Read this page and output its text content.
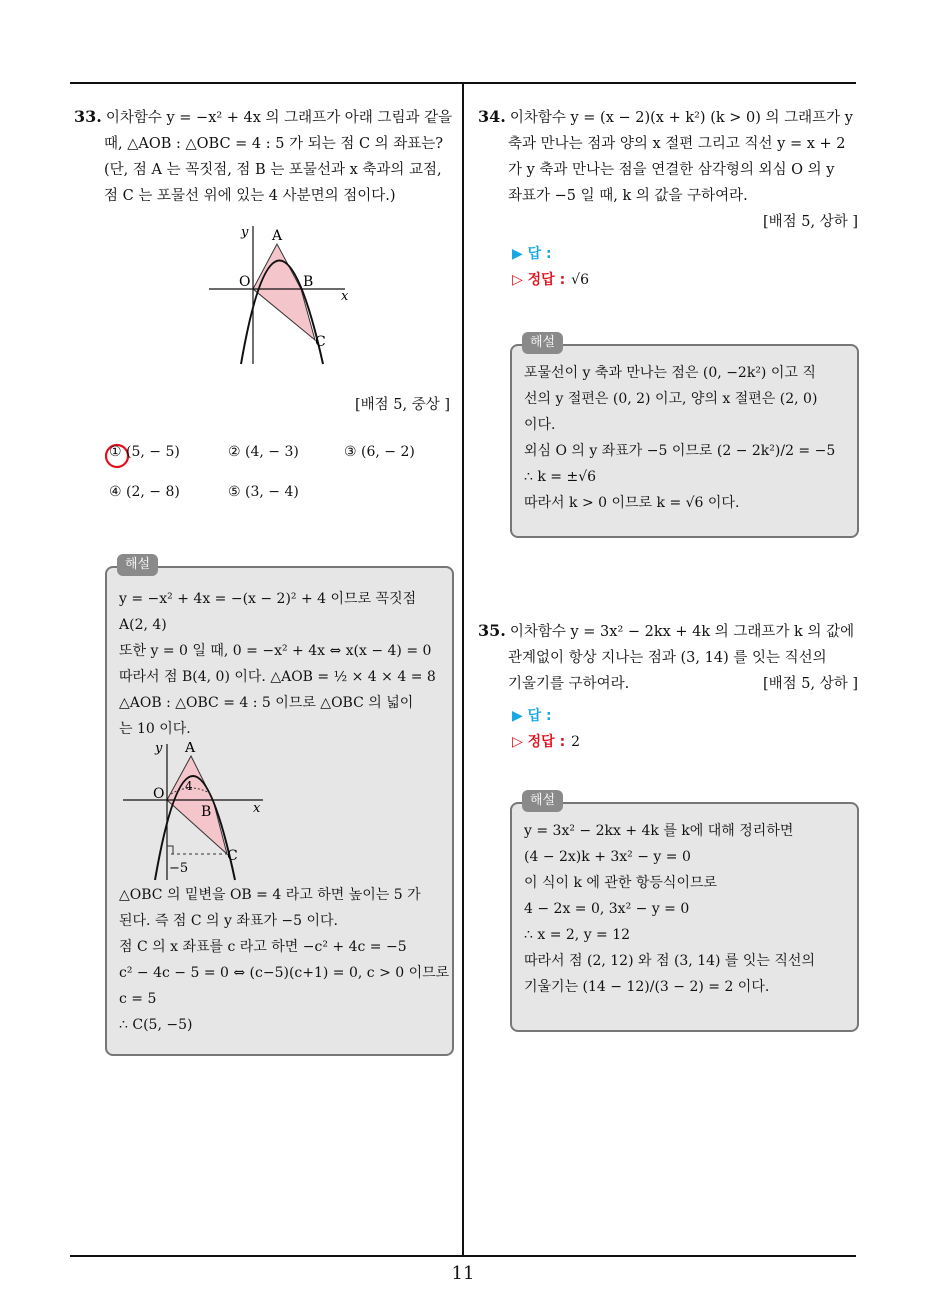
33. 이차함수 y = −x² + 4x 의 그래프가 아래 그림과 같을
때, △AOB : △OBC = 4 : 5 가 되는 점 C 의 좌표는?
(단, 점 A 는 꼭짓점, 점 B 는 포물선과 x 축과의 교점,
점 C 는 포물선 위에 있는 4 사분면의 점이다.)
y A
O	B
x
C
[배점 5, 중상 ]
① (5, − 5)	② (4, − 3)	③ (6, − 2)
④ (2, − 8)	⑤ (3, − 4)
해설
y = −x² + 4x = −(x − 2)² + 4 이므로 꼭짓점
A(2, 4)
또한 y = 0 일 때, 0 = −x² + 4x ⇔ x(x − 4) = 0
따라서 점 B(4, 0) 이다. △AOB = ½ × 4 × 4 = 8
△AOB : △OBC = 4 : 5 이므로 △OBC 의 넓이
는 10 이다.
y A
O 4
B	x
C
−5
△OBC 의 밑변을 OB = 4 라고 하면 높이는 5 가
된다. 즉 점 C 의 y 좌표가 −5 이다.
점 C 의 x 좌표를 c 라고 하면 −c² + 4c = −5
c² − 4c − 5 = 0 ⇔ (c−5)(c+1) = 0, c > 0 이므로
c = 5
∴ C(5, −5)
34. 이차함수 y = (x − 2)(x + k²) (k > 0) 의 그래프가 y
축과 만나는 점과 양의 x 절편 그리고 직선 y = x + 2
가 y 축과 만나는 점을 연결한 삼각형의 외심 O 의 y
좌표가 −5 일 때, k 의 값을 구하여라.
[배점 5, 상하 ]
▶ 답 :
▷ 정답 : √6
해설
포물선이 y 축과 만나는 점은 (0, −2k²) 이고 직
선의 y 절편은 (0, 2) 이고, 양의 x 절편은 (2, 0)
이다.
외심 O 의 y 좌표가 −5 이므로 (2 − 2k²)/2 = −5
∴ k = ±√6
따라서 k > 0 이므로 k = √6 이다.
35. 이차함수 y = 3x² − 2kx + 4k 의 그래프가 k 의 값에
관계없이 항상 지나는 점과 (3, 14) 를 잇는 직선의
기울기를 구하여라.	[배점 5, 상하 ]
▶ 답 :
▷ 정답 : 2
해설
y = 3x² − 2kx + 4k 를 k에 대해 정리하면
(4 − 2x)k + 3x² − y = 0
이 식이 k 에 관한 항등식이므로
4 − 2x = 0, 3x² − y = 0
∴ x = 2, y = 12
따라서 점 (2, 12) 와 점 (3, 14) 를 잇는 직선의
기울기는 (14 − 12)/(3 − 2) = 2 이다.
11
